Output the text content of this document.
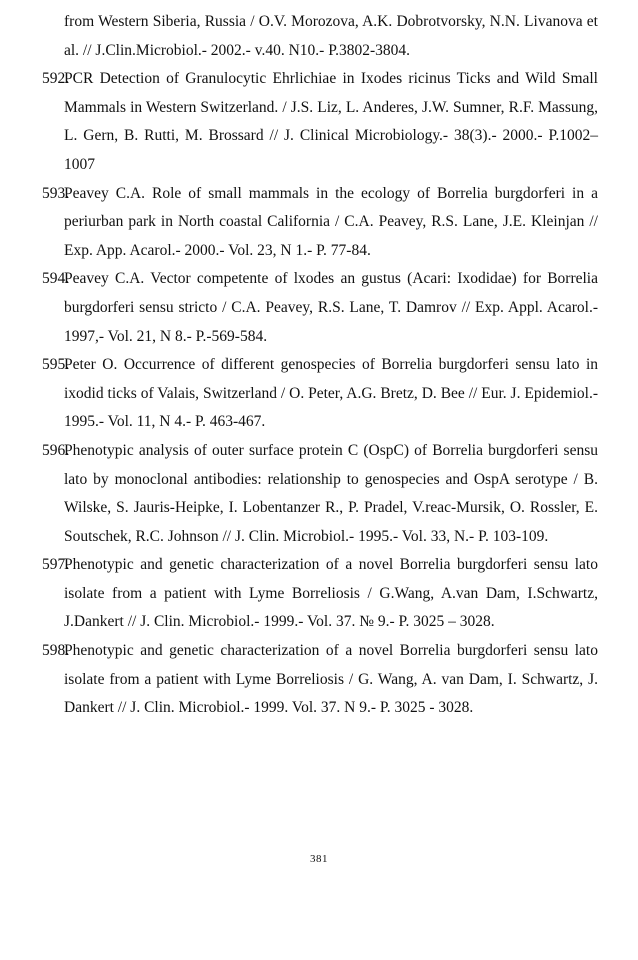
from Western Siberia, Russia / O.V. Morozova, A.K. Dobrotvorsky, N.N. Livanova et al. // J.Clin.Microbiol.- 2002.- v.40. N10.- P.3802-3804.
592.
PCR Detection of Granulocytic Ehrlichiae in Ixodes ricinus Ticks and Wild Small Mammals in Western Switzerland. / J.S. Liz, L. Anderes, J.W. Sumner, R.F. Massung, L. Gern, B. Rutti, M. Brossard // J. Clinical Microbiology.- 38(3).- 2000.- P.1002–1007
593.
Peavey C.A. Role of small mammals in the ecology of Borrelia burgdorferi in a periurban park in North coastal California / C.A. Peavey, R.S. Lane, J.E. Kleinjan // Exp. App. Acarol.- 2000.- Vol. 23, N 1.- P. 77-84.
594.
Peavey C.A. Vector competente of lxodes an gustus (Acari: Ixodidae) for Borrelia burgdorferi sensu stricto / C.A. Peavey, R.S. Lane, T. Damrov // Exp. Appl. Acarol.- 1997,- Vol. 21, N 8.- P.-569-584.
595.
Peter O. Occurrence of different genospecies of Borrelia burgdorferi sensu lato in ixodid ticks of Valais, Switzerland / O. Peter, A.G. Bretz, D. Bee // Eur. J. Epidemiol.- 1995.- Vol. 11, N 4.- P. 463-467.
596.
Phenotypic analysis of outer surface protein C (OspC) of Borrelia burgdorferi sensu lato by monoclonal antibodies: relationship to genospecies and OspA serotype / B. Wilske, S. Jauris-Heipke, I. Lobentanzer R., P. Pradel, V.reac-Mursik, O. Rossler, E. Soutschek, R.C. Johnson // J. Clin. Microbiol.- 1995.- Vol. 33, N.- P. 103-109.
597.
Phenotypic and genetic characterization of a novel Borrelia burgdorferi sensu lato isolate from a patient with Lyme Borreliosis / G.Wang, A.van Dam, I.Schwartz, J.Dankert // J. Clin. Microbiol.- 1999.- Vol. 37. № 9.- P. 3025 – 3028.
598.
Phenotypic and genetic characterization of a novel Borrelia burgdorferi sensu lato isolate from a patient with Lyme Borreliosis / G. Wang, A. van Dam, I. Schwartz, J. Dankert // J. Clin. Microbiol.- 1999. Vol. 37. N 9.- P. 3025 - 3028.
381
